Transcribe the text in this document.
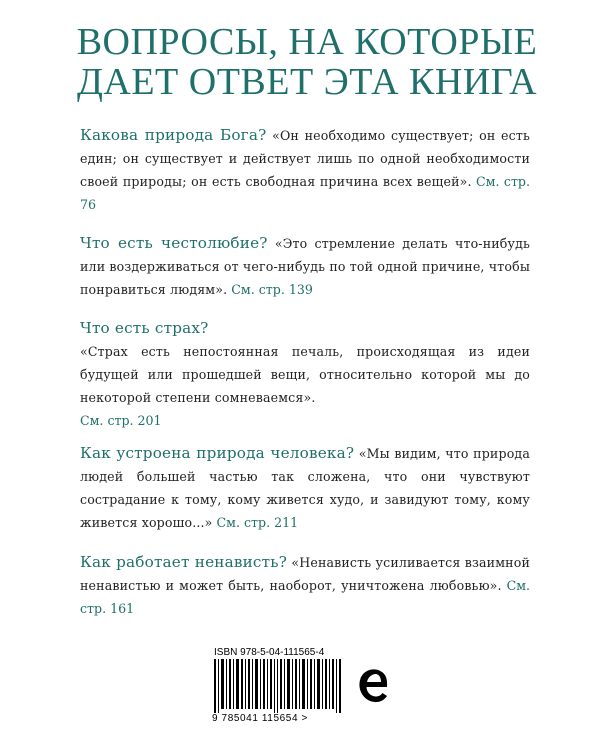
ВОПРОСЫ, НА КОТОРЫЕ
ДАЕТ ОТВЕТ ЭТА КНИГА
Какова природа Бога? «Он необходимо существует; он есть един; он существует и действует лишь по одной необходимости своей природы; он есть свободная причина всех вещей». См. стр. 76
Что есть честолюбие? «Это стремление делать что-нибудь или воздерживаться от чего-нибудь по той одной причине, чтобы понравиться людям». См. стр. 139
Что есть страх?
«Страх есть непостоянная печаль, происходящая из идеи будущей или прошедшей вещи, относительно которой мы до некоторой степени сомневаемся».
См. стр. 201
Как устроена природа человека? «Мы видим, что природа людей большей частью так сложена, что они чувствуют сострадание к тому, кому живется худо, и завидуют тому, кому живется хорошо...» См. стр. 211
Как работает ненависть? «Ненависть усиливается взаимной ненавистью и может быть, наоборот, уничтожена любовью». См. стр. 161
ISBN 978-5-04-111565-4
9 785041 115654 >
